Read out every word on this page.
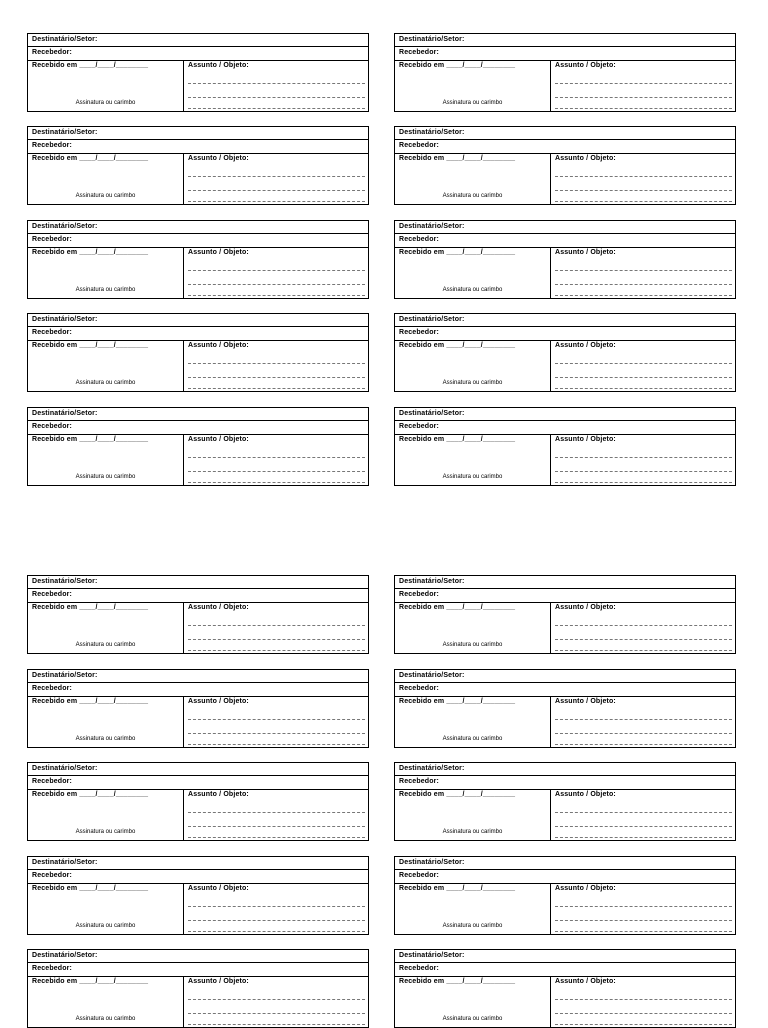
Destinatário/Setor:
Recebedor:
Recebido em ____/____/________	Assunto / Objeto:
Assinatura ou carimbo
Destinatário/Setor:
Recebedor:
Recebido em ____/____/________	Assunto / Objeto:
Assinatura ou carimbo
Destinatário/Setor:
Recebedor:
Recebido em ____/____/________	Assunto / Objeto:
Assinatura ou carimbo
Destinatário/Setor:
Recebedor:
Recebido em ____/____/________	Assunto / Objeto:
Assinatura ou carimbo
Destinatário/Setor:
Recebedor:
Recebido em ____/____/________	Assunto / Objeto:
Assinatura ou carimbo
Destinatário/Setor:
Recebedor:
Recebido em ____/____/________	Assunto / Objeto:
Assinatura ou carimbo
Destinatário/Setor:
Recebedor:
Recebido em ____/____/________	Assunto / Objeto:
Assinatura ou carimbo
Destinatário/Setor:
Recebedor:
Recebido em ____/____/________	Assunto / Objeto:
Assinatura ou carimbo
Destinatário/Setor:
Recebedor:
Recebido em ____/____/________	Assunto / Objeto:
Assinatura ou carimbo
Destinatário/Setor:
Recebedor:
Recebido em ____/____/________	Assunto / Objeto:
Assinatura ou carimbo
Destinatário/Setor:
Recebedor:
Recebido em ____/____/________	Assunto / Objeto:
Assinatura ou carimbo
Destinatário/Setor:
Recebedor:
Recebido em ____/____/________	Assunto / Objeto:
Assinatura ou carimbo
Destinatário/Setor:
Recebedor:
Recebido em ____/____/________	Assunto / Objeto:
Assinatura ou carimbo
Destinatário/Setor:
Recebedor:
Recebido em ____/____/________	Assunto / Objeto:
Assinatura ou carimbo
Destinatário/Setor:
Recebedor:
Recebido em ____/____/________	Assunto / Objeto:
Assinatura ou carimbo
Destinatário/Setor:
Recebedor:
Recebido em ____/____/________	Assunto / Objeto:
Assinatura ou carimbo
Destinatário/Setor:
Recebedor:
Recebido em ____/____/________	Assunto / Objeto:
Assinatura ou carimbo
Destinatário/Setor:
Recebedor:
Recebido em ____/____/________	Assunto / Objeto:
Assinatura ou carimbo
Destinatário/Setor:
Recebedor:
Recebido em ____/____/________	Assunto / Objeto:
Assinatura ou carimbo
Destinatário/Setor:
Recebedor:
Recebido em ____/____/________	Assunto / Objeto:
Assinatura ou carimbo
